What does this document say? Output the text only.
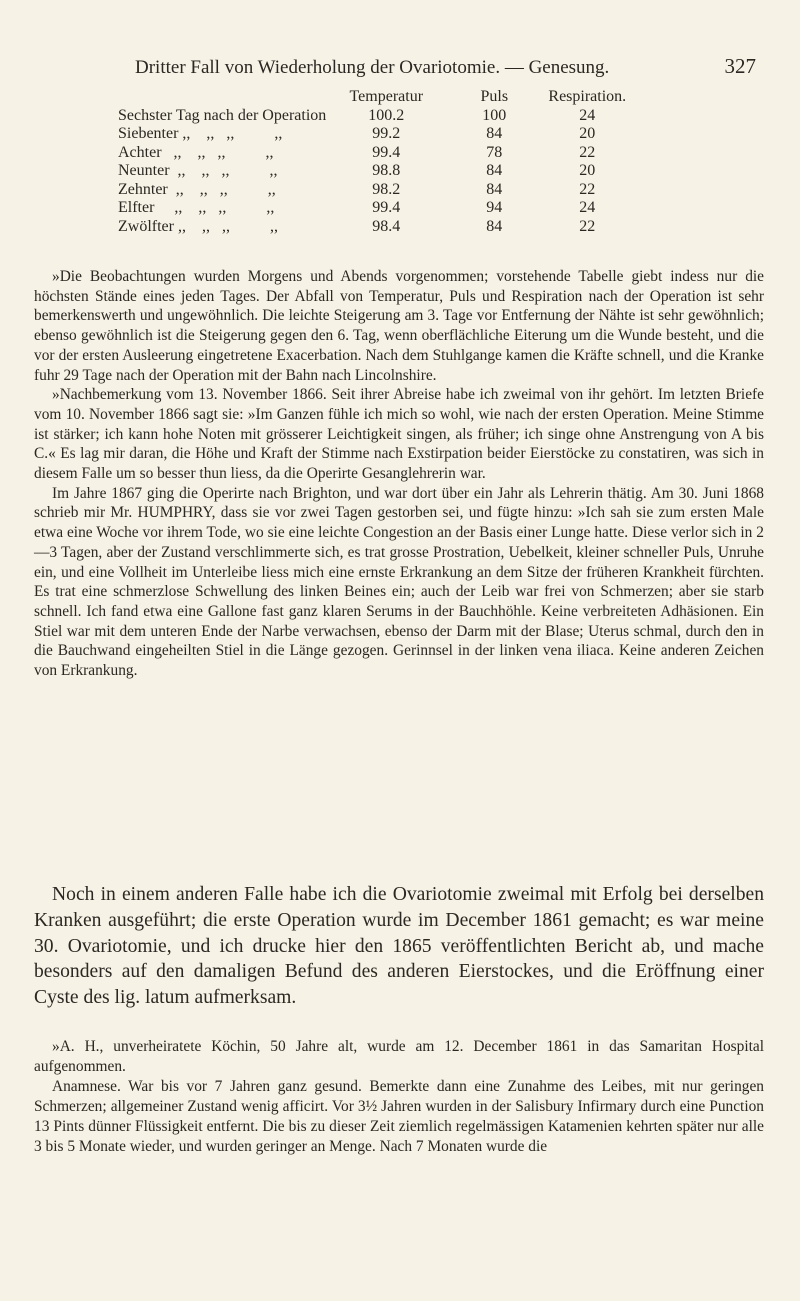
Dritter Fall von Wiederholung der Ovariotomie. — Genesung.	327
	Temperatur	Puls	Respiration.
Sechster Tag nach der Operation	100.2	100	24
Siebenter ,,    ,,   ,,          ,,	99.2	84	20
Achter   ,,    ,,   ,,          ,,	99.4	78	22
Neunter  ,,    ,,   ,,          ,,	98.8	84	20
Zehnter  ,,    ,,   ,,          ,,	98.2	84	22
Elfter     ,,    ,,   ,,          ,,	99.4	94	24
Zwölfter ,,    ,,   ,,          ,,	98.4	84	22

»Die Beobachtungen wurden Morgens und Abends vorgenommen; vorstehende Tabelle giebt indess nur die höchsten Stände eines jeden Tages. Der Abfall von Temperatur, Puls und Respiration nach der Operation ist sehr bemerkenswerth und ungewöhnlich. Die leichte Steigerung am 3. Tage vor Entfernung der Nähte ist sehr gewöhnlich; ebenso gewöhnlich ist die Steigerung gegen den 6. Tag, wenn oberflächliche Eiterung um die Wunde besteht, und die vor der ersten Ausleerung eingetretene Exacerbation. Nach dem Stuhlgange kamen die Kräfte schnell, und die Kranke fuhr 29 Tage nach der Operation mit der Bahn nach Lincolnshire.

»Nachbemerkung vom 13. November 1866. Seit ihrer Abreise habe ich zweimal von ihr gehört. Im letzten Briefe vom 10. November 1866 sagt sie: »Im Ganzen fühle ich mich so wohl, wie nach der ersten Operation. Meine Stimme ist stärker; ich kann hohe Noten mit grösserer Leichtigkeit singen, als früher; ich singe ohne Anstrengung von A bis C.« Es lag mir daran, die Höhe und Kraft der Stimme nach Exstirpation beider Eierstöcke zu constatiren, was sich in diesem Falle um so besser thun liess, da die Operirte Gesanglehrerin war.

Im Jahre 1867 ging die Operirte nach Brighton, und war dort über ein Jahr als Lehrerin thätig. Am 30. Juni 1868 schrieb mir Mr. HUMPHRY, dass sie vor zwei Tagen gestorben sei, und fügte hinzu: »Ich sah sie zum ersten Male etwa eine Woche vor ihrem Tode, wo sie eine leichte Congestion an der Basis einer Lunge hatte. Diese verlor sich in 2—3 Tagen, aber der Zustand verschlimmerte sich, es trat grosse Prostration, Uebelkeit, kleiner schneller Puls, Unruhe ein, und eine Vollheit im Unterleibe liess mich eine ernste Erkrankung an dem Sitze der früheren Krankheit fürchten. Es trat eine schmerzlose Schwellung des linken Beines ein; auch der Leib war frei von Schmerzen; aber sie starb schnell. Ich fand etwa eine Gallone fast ganz klaren Serums in der Bauchhöhle. Keine verbreiteten Adhäsionen. Ein Stiel war mit dem unteren Ende der Narbe verwachsen, ebenso der Darm mit der Blase; Uterus schmal, durch den in die Bauchwand eingeheilten Stiel in die Länge gezogen. Gerinnsel in der linken vena iliaca. Keine anderen Zeichen von Erkrankung.

Noch in einem anderen Falle habe ich die Ovariotomie zweimal mit Erfolg bei derselben Kranken ausgeführt; die erste Operation wurde im December 1861 gemacht; es war meine 30. Ovariotomie, und ich drucke hier den 1865 veröffentlichten Bericht ab, und mache besonders auf den damaligen Befund des anderen Eierstockes, und die Eröffnung einer Cyste des lig. latum aufmerksam.

»A. H., unverheiratete Köchin, 50 Jahre alt, wurde am 12. December 1861 in das Samaritan Hospital aufgenommen.

Anamnese. War bis vor 7 Jahren ganz gesund. Bemerkte dann eine Zunahme des Leibes, mit nur geringen Schmerzen; allgemeiner Zustand wenig afficirt. Vor 3½ Jahren wurden in der Salisbury Infirmary durch eine Punction 13 Pints dünner Flüssigkeit entfernt. Die bis zu dieser Zeit ziemlich regelmässigen Katamenien kehrten später nur alle 3 bis 5 Monate wieder, und wurden geringer an Menge. Nach 7 Monaten wurde die
